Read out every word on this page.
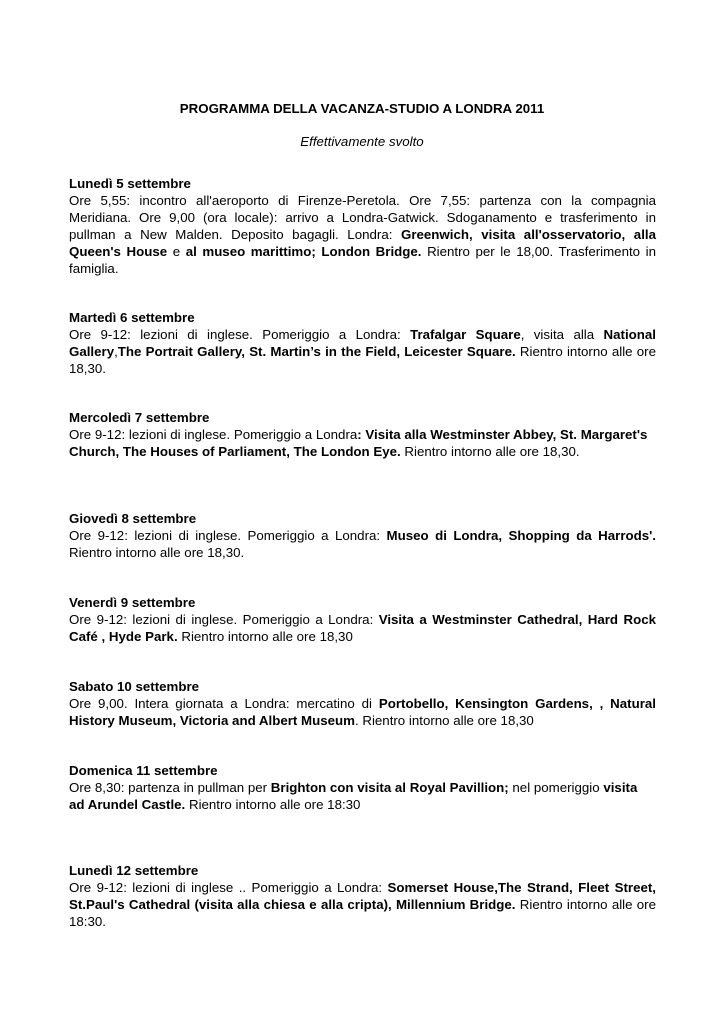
PROGRAMMA DELLA VACANZA-STUDIO A LONDRA 2011
Effettivamente svolto

Lunedì 5 settembre

Ore 5,55: incontro all'aeroporto di Firenze-Peretola. Ore 7,55: partenza con la compagnia Meridiana. Ore 9,00 (ora locale): arrivo a Londra-Gatwick. Sdoganamento e trasferimento in pullman a New Malden. Deposito bagagli. Londra: Greenwich, visita all'osservatorio, alla Queen's House e al museo marittimo; London Bridge. Rientro per le 18,00. Trasferimento in famiglia.

Martedì 6 settembre

Ore 9-12: lezioni di inglese. Pomeriggio a Londra: Trafalgar Square, visita alla National Gallery,The Portrait Gallery, St. Martin’s in the Field, Leicester Square. Rientro intorno alle ore 18,30.

Mercoledì 7 settembre

Ore 9-12: lezioni di inglese. Pomeriggio a Londra: Visita alla Westminster Abbey, St. Margaret's Church, The Houses of Parliament, The London Eye. Rientro intorno alle ore 18,30.

Giovedì 8 settembre

Ore 9-12: lezioni di inglese. Pomeriggio a Londra: Museo di Londra, Shopping da Harrods'. Rientro intorno alle ore 18,30.

Venerdì 9 settembre

Ore 9-12: lezioni di inglese. Pomeriggio a Londra: Visita a Westminster Cathedral, Hard Rock Café , Hyde Park. Rientro intorno alle ore 18,30

Sabato 10 settembre

Ore 9,00. Intera giornata a Londra: mercatino di Portobello, Kensington Gardens, , Natural History Museum, Victoria and Albert Museum. Rientro intorno alle ore 18,30

Domenica 11 settembre

Ore 8,30: partenza in pullman per Brighton con visita al Royal Pavillion; nel pomeriggio visita ad Arundel Castle. Rientro intorno alle ore 18:30

Lunedì 12 settembre

Ore 9-12: lezioni di inglese .. Pomeriggio a Londra: Somerset House,The Strand, Fleet Street, St.Paul's Cathedral (visita alla chiesa e alla cripta), Millennium Bridge. Rientro intorno alle ore 18:30.
